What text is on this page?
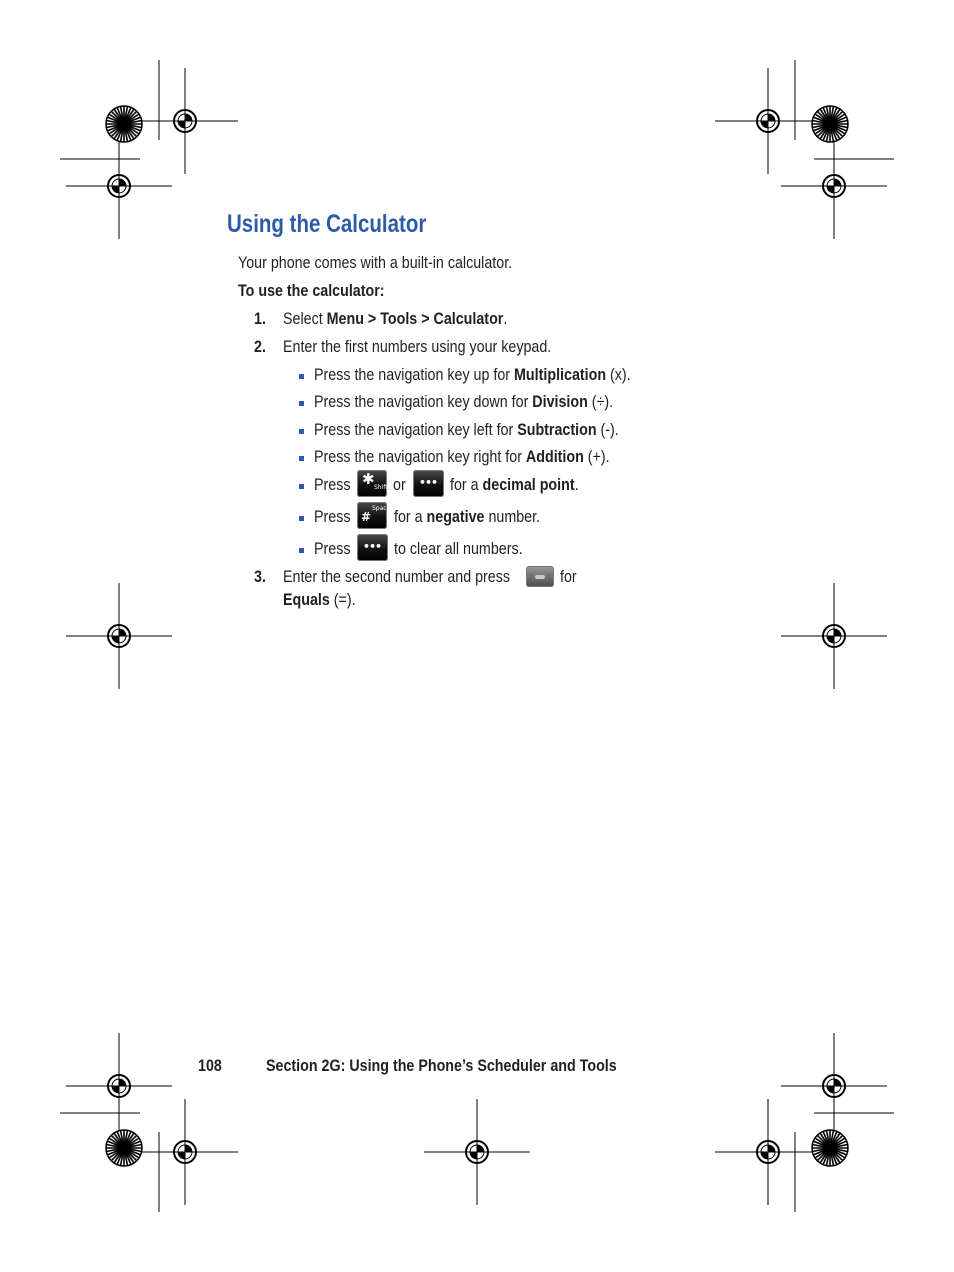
Using the Calculator
Your phone comes with a built-in calculator.
To use the calculator:
1. Select Menu > Tools > Calculator.
2. Enter the first numbers using your keypad.
Press the navigation key up for Multiplication (x).
Press the navigation key down for Division (÷).
Press the navigation key left for Subtraction (-).
Press the navigation key right for Addition (+).
Press ✱ Shift or ••• for a decimal point.
Press #
Space for a negative number.
Press ••• to clear all numbers.
3. Enter the second number and press	for
Equals (=).
108	Section 2G: Using the Phone’s Scheduler and Tools
